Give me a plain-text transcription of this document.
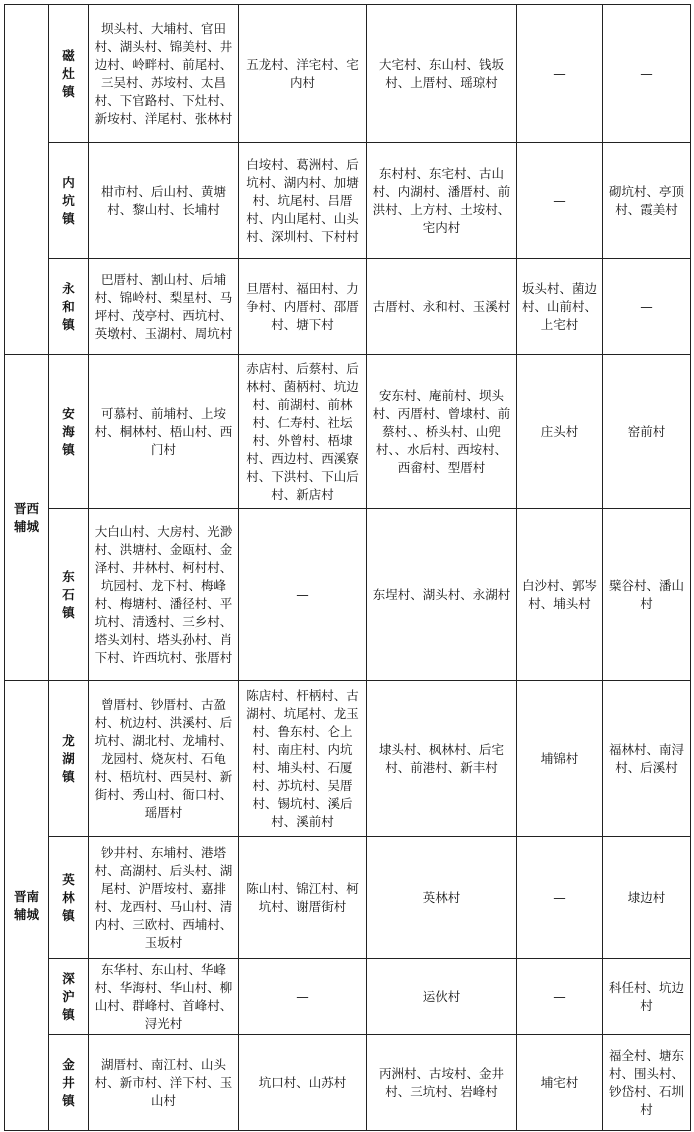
	磁
灶
镇	坝头村、大埔村、官田村、湖头村、锦美村、井边村、岭畔村、前尾村、三吴村、苏垵村、太昌村、下官路村、下灶村、新垵村、洋尾村、张林村	五龙村、洋宅村、宅内村	大宅村、东山村、钱坂村、上厝村、瑶琼村	—	—

	内
坑
镇	柑市村、后山村、黄塘村、黎山村、长埔村	白垵村、葛洲村、后坑村、湖内村、加塘村、坑尾村、吕厝村、内山尾村、山头村、深圳村、下村村	东村村、东宅村、古山村、内湖村、潘厝村、前洪村、上方村、土垵村、宅内村	—	砌坑村、亭顶村、霞美村

	永
和
镇	巴厝村、割山村、后埔村、锦岭村、梨星村、马坪村、茂亭村、西坑村、英墩村、玉湖村、周坑村	旦厝村、福田村、力争村、内厝村、邵厝村、塘下村	古厝村、永和村、玉溪村	坂头村、菌边村、山前村、上宅村	—
晋西辅城	安
海
镇	可慕村、前埔村、上垵村、桐林村、梧山村、西门村	赤店村、后蔡村、后林村、菌柄村、坑边村、前湖村、前林村、仁寿村、社坛村、外曾村、梧埭村、西边村、西溪寮村、下洪村、下山后村、新店村	安东村、庵前村、坝头村、丙厝村、曾埭村、前蔡村、、桥头村、山兜村、、水后村、西垵村、西畲村、型厝村	庄头村	窑前村

	东
石
镇	大白山村、大房村、光渺村、洪塘村、金瓯村、金泽村、井林村、柯村村、坑园村、龙下村、梅峰村、梅塘村、潘径村、平坑村、清透村、三乡村、塔头刘村、塔头孙村、肖下村、许西坑村、张厝村	—	东埕村、湖头村、永湖村	白沙村、郭岑村、埔头村	檗谷村、潘山村
晋南辅城	龙
湖
镇	曾厝村、钞厝村、古盈村、杭边村、洪溪村、后坑村、湖北村、龙埔村、龙园村、烧灰村、石龟村、梧坑村、西吴村、新街村、秀山村、衙口村、瑶厝村	陈店村、杆柄村、古湖村、坑尾村、龙玉村、鲁东村、仑上村、南庄村、内坑村、埔头村、石厦村、苏坑村、吴厝村、锡坑村、溪后村、溪前村	埭头村、枫林村、后宅村、前港村、新丰村	埔锦村	福林村、南浔村、后溪村

	英
林
镇	钞井村、东埔村、港塔村、高湖村、后头村、湖尾村、沪厝垵村、嘉排村、龙西村、马山村、清内村、三欧村、西埔村、玉坂村	陈山村、锦江村、柯坑村、谢厝街村	英林村	—	埭边村

	深
沪
镇	东华村、东山村、华峰村、华海村、华山村、柳山村、群峰村、首峰村、浔光村	—	运伙村	—	科任村、坑边村

	金
井
镇	湖厝村、南江村、山头村、新市村、洋下村、玉山村	坑口村、山苏村	丙洲村、古垵村、金井村、三坑村、岩峰村	埔宅村	福全村、塘东村、围头村、钞岱村、石圳村
